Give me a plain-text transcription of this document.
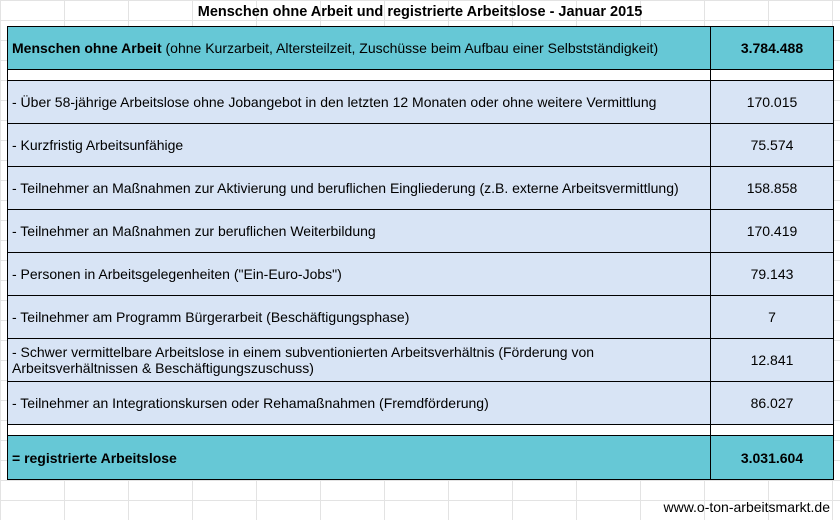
Menschen ohne Arbeit und registrierte Arbeitslose - Januar 2015
Menschen ohne Arbeit (ohne Kurzarbeit, Altersteilzeit, Zuschüsse beim Aufbau einer Selbstständigkeit)	3.784.488

- Über 58-jährige Arbeitslose ohne Jobangebot in den letzten 12 Monaten oder ohne weitere Vermittlung	170.015
- Kurzfristig Arbeitsunfähige	75.574
- Teilnehmer an Maßnahmen zur Aktivierung und beruflichen Eingliederung (z.B. externe Arbeitsvermittlung)	158.858
- Teilnehmer an Maßnahmen zur beruflichen Weiterbildung	170.419
- Personen in Arbeitsgelegenheiten ("Ein-Euro-Jobs")	79.143
- Teilnehmer am Programm Bürgerarbeit (Beschäftigungsphase)	7
- Schwer vermittelbare Arbeitslose in einem subventionierten Arbeitsverhältnis (Förderung von Arbeitsverhältnissen & Beschäftigungszuschuss)	12.841
- Teilnehmer an Integrationskursen oder Rehamaßnahmen (Fremdförderung)	86.027

= registrierte Arbeitslose	3.031.604
www.o-ton-arbeitsmarkt.de
